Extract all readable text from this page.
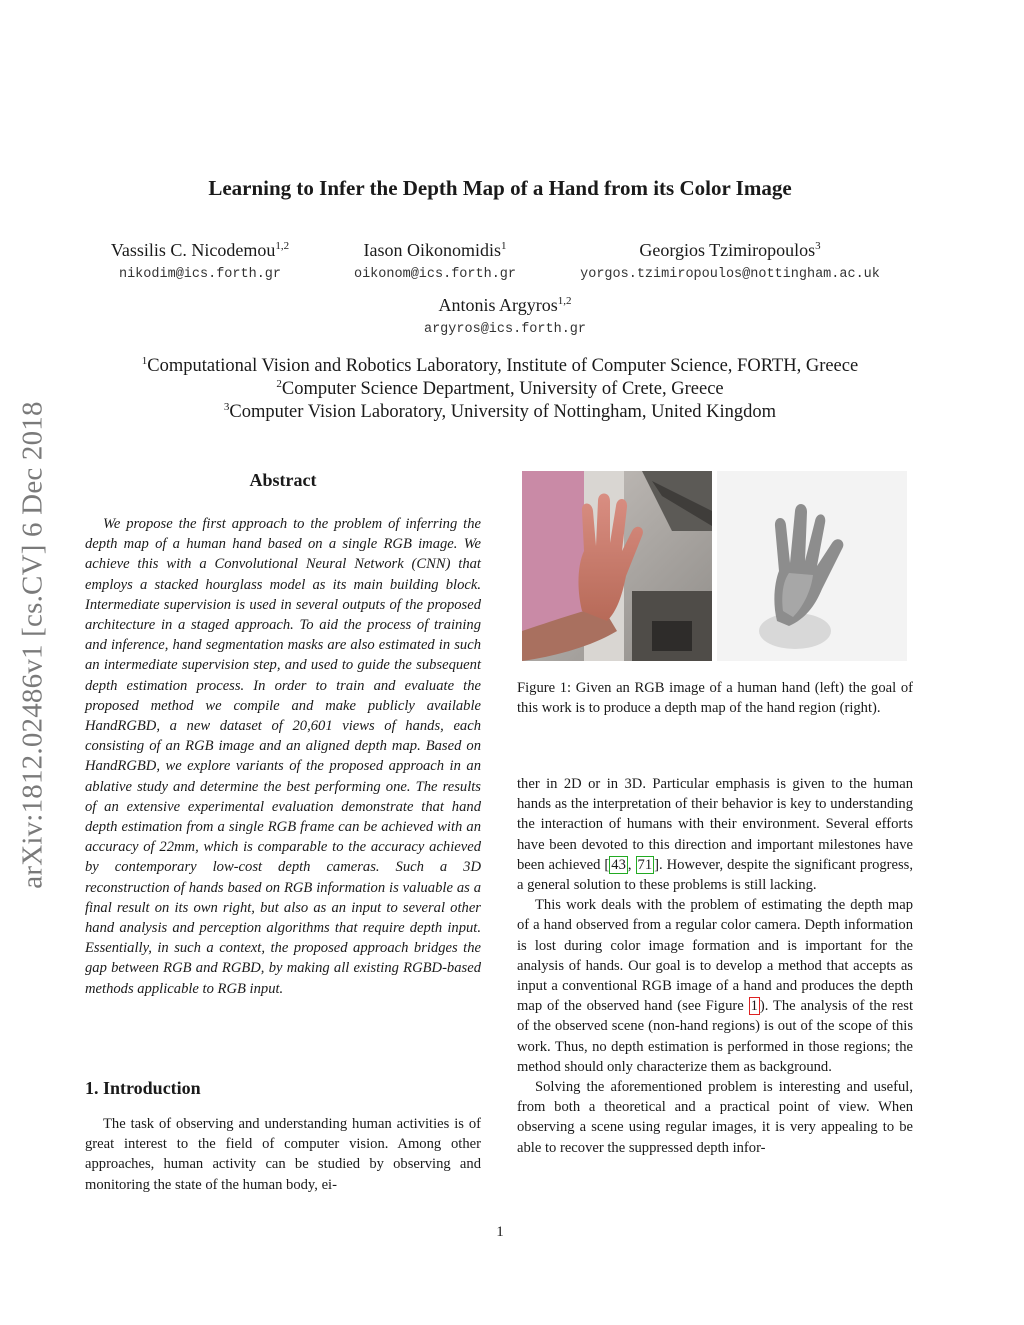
arXiv:1812.02486v1 [cs.CV] 6 Dec 2018
Learning to Infer the Depth Map of a Hand from its Color Image
Vassilis C. Nicodemou$^{1,2}$
nikodim@ics.forth.gr
Iason Oikonomidis$^1$
oikonom@ics.forth.gr
Georgios Tzimiropoulos$^3$
yorgos.tzimiropoulos@nottingham.ac.uk
Antonis Argyros$^{1,2}$
argyros@ics.forth.gr
$^1$Computational Vision and Robotics Laboratory, Institute of Computer Science, FORTH, Greece
$^2$Computer Science Department, University of Crete, Greece
$^3$Computer Vision Laboratory, University of Nottingham, United Kingdom
Abstract

We propose the first approach to the problem of inferring the depth map of a human hand based on a single RGB image. We achieve this with a Convolutional Neural Network (CNN) that employs a stacked hourglass model as its main building block. Intermediate supervision is used in several outputs of the proposed architecture in a staged approach. To aid the process of training and inference, hand segmentation masks are also estimated in such an intermediate supervision step, and used to guide the subsequent depth estimation process. In order to train and evaluate the proposed method we compile and make publicly available HandRGBD, a new dataset of 20,601 views of hands, each consisting of an RGB image and an aligned depth map. Based on HandRGBD, we explore variants of the proposed approach in an ablative study and determine the best performing one. The results of an extensive experimental evaluation demonstrate that hand depth estimation from a single RGB frame can be achieved with an accuracy of 22mm, which is comparable to the accuracy achieved by contemporary low-cost depth cameras. Such a 3D reconstruction of hands based on RGB information is valuable as a final result on its own right, but also as an input to several other hand analysis and perception algorithms that require depth input. Essentially, in such a context, the proposed approach bridges the gap between RGB and RGBD, by making all existing RGBD-based methods applicable to RGB input.

1. Introduction

The task of observing and understanding human activities is of great interest to the field of computer vision. Among other approaches, human activity can be studied by observing and monitoring the state of the human body, ei-

Figure 1: Given an RGB image of a human hand (left) the goal of this work is to produce a depth map of the hand region (right).

ther in 2D or in 3D. Particular emphasis is given to the human hands as the interpretation of their behavior is key to understanding the interaction of humans with their environment. Several efforts have been devoted to this direction and important milestones have been achieved [ 43 , 71 ]. However, despite the significant progress, a general solution to these problems is still lacking.

This work deals with the problem of estimating the depth map of a hand observed from a regular color camera. Depth information is lost during color image formation and is important for the analysis of hands. Our goal is to develop a method that accepts as input a conventional RGB image of a hand and produces the depth map of the observed hand (see Figure 1 ). The analysis of the rest of the observed scene (non-hand regions) is out of the scope of this work. Thus, no depth estimation is performed in those regions; the method should only characterize them as background.

Solving the aforementioned problem is interesting and useful, from both a theoretical and a practical point of view. When observing a scene using regular images, it is very appealing to be able to recover the suppressed depth infor-

1
